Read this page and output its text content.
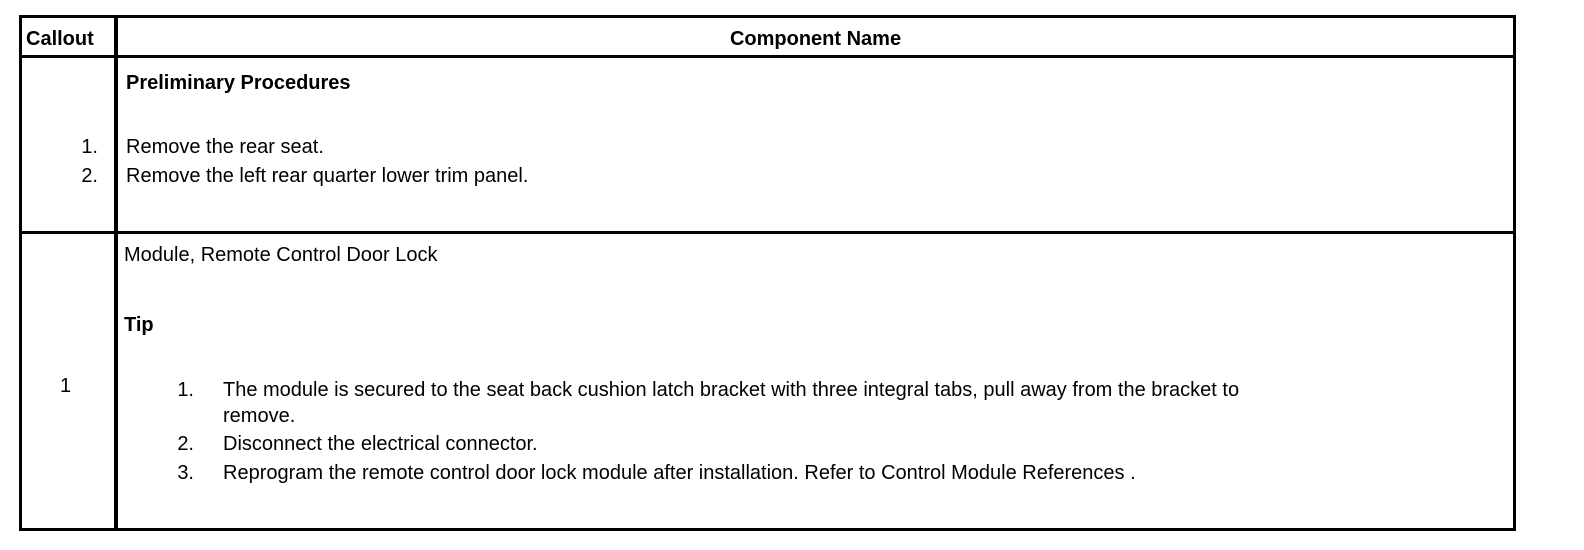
Callout	Component Name
Preliminary Procedures
1. Remove the rear seat.
2. Remove the left rear quarter lower trim panel.
1
Module, Remote Control Door Lock
Tip
1. The module is secured to the seat back cushion latch bracket with three integral tabs, pull away from the bracket to
remove.
2. Disconnect the electrical connector.
3. Reprogram the remote control door lock module after installation. Refer to Control Module References .
